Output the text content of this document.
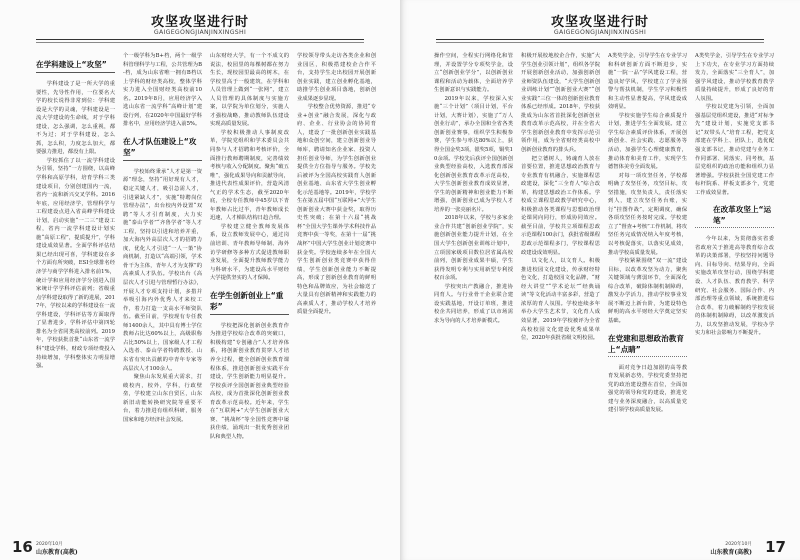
攻坚攻坚进行时
GAIGEGONGJIANJINXINGSHI
在学科建设上“攻坚”

学科建设了是一所大学的重要性，先导性作用，一位要名大学的校长说得非常到位：学科建设是大学的灵魂，学科建设是一流大学建设的生命线，对于学科建设，怎么强调，怎么重视，都不为过；对于学科建设，怎么抓，怎么积，力度怎么加大，都要强力推进，都没有上限。

学校抓住了以一流学科建设为引领，坚持“一方围绕，以高峰学科和高原学科，培育学科三类建设项目，分别创建国内一流，省内一流和新兴交叉学科。2016年底，应用经济学，管理科学与工程建设点进入省高峰学科建设计划，启动实施“一二三”建设工程，省内一流学科建设计划实施“高原工程”，提质提升”，学科建设成效显著。全面学科评估结果已经出现可喜，学科建设在多个方面有所突破，ESI全球排名经济学与商学学科进入排名前1%，统计学和应用经济学分别进入国家统计学学科评估前列；省级重点学科建设取得了新的进展，2017年，学校以来的学科建设在一流学科建设，学科评估等方面取得了显著进步，学科评估中第四轮排名为全省同类高校前列。2019年，学校获批首批“山东省一流学科”建设学科，财政专项经费投入持续增加，学科整体实力明显增强。

个一级学科为B+档，两个一级学科管理科学与工程，公共管理为B-档，成为山东省唯一拥有B档以上学科的财经类高校，整体学科实力进入全国财经类高校前10名。2019年8月，应用经济学入选山东省一流学科“高峰计划”建设行列，在2020年中国最好学科排名中，应用经济学进入前5%。

在人才队伍建设上“攻坚”

学校始终秉承“人才是第一资源”理念，坚持“用好现有人才，稳定关键人才，吸引急需人才，引进紧缺人才”，实施“特聘岗位管理办法”，出台校内外设置“双聘”等人才引育制度，大力实施“泰山学者”“齐鲁学者”等人才工程，坚持以引进和培养并重，加大海内外高层次人才的招聘力度，优化人才引进“一人一策”协商机制，打造以“高端引领，学术骨干为主体，青年人才为支撑”的高素质人才队伍。学校出台《高层次人才引进与管理暂行办法》，开展人才专项支持计划，多措并举吸引海内外优秀人才来校工作，着力打造一支高水平师资队伍。截至目前，学校现有专任教师1400余人，其中具有博士学位教师占比达60%以上，高级职称占比50%以上，国家级人才工程入选者、泰山学者特聘教授、山东省有突出贡献的中青年专家等高层次人才100余人。

聚焦山东发展重大需求，打破校内，校外，学科，行政壁垒，学校建立山东自贸区，山东新旧动能转换研究院等重要平台，着力推进有组织科研，服务国家和地方经济社会发展。

山东财经大学，有一个不成文的说法，校园里的每棵树都在努力生长，现校园里最高的树木，在学校里高于一般建筑，在学科和人员管理上做到“一张网”，建立人员管理的具体制度与实施方案，以学院为单位划分，实施人才强校战略，推动教师队伍建设实现高质量发展。

学校积极推动人事制度改革，学院党组织和学术委员会共同参与人才招聘和考核评价，全面推行教师聘期制度，完善绩效考核与收入分配制度。聚焦“破五唯”，强化成果导向和贡献导向，推进代表性成果评价，营造风清气正的学术生态，截至2020年底，全校专任教师中45岁以下青年教师占比过半，青年教师成长迅速，人才梯队结构日趋合理。

学校建立健全教师发展体系，设立教师发展中心，通过岗前培训、青年教师导师制、海外访学研修等多种方式促进教师职业发展，全面提升教师教学能力与科研水平，为建设高水平财经大学提供坚实的人才保障。

在学生创新创业上“重彩”

学校把深化创新创业教育作为推进学校综合改革的突破口，积极构建“专创融合”人才培养体系，将创新创业教育贯穿人才培养全过程，健全创新创业教育课程体系，推进创新创业实践平台建设，学生创新能力明显提升。学校获评全国创新创业典型经验高校，成为首批深化创新创业教育改革示范高校。近年来，学生在“互联网+”大学生创新创业大赛、“挑战杯”等全国性竞赛中屡获佳绩，涌现出一批优秀创业团队和典型人物。

学校领导带头走访各类企业和创业园区，积极搭建校企合作平台，支持学生走出校园开展创新创业实践，建立创业孵化基地，助推学生创业项目落地，创新创业成果逐步显现。

学校整合优势资源，推进“专业+创业”融合发展，深化与政府、企业、行业协会的协同育人，建设了一批创新创业实践基地和众创空间，建立创新创业导师库，聘请知名企业家、投资人担任创业导师，为学生创新创业提供全方位指导与服务。学校先后被评为全国高校实践育人创新创业基地、山东省大学生创业孵化示范基地等。2019年，学校学生在第五届中国“互联网+”大学生创新创业大赛中获金奖，取得历史性突破；在第十六届“挑战杯”全国大学生课外学术科技作品竞赛中获一等奖，在第十一届“挑战杯”中国大学生创业计划竞赛中获金奖。学校连续多年在全国大学生创新创业类竞赛中获得佳绩，学生创新创业能力不断提高，形成了创新创业教育的鲜明特色和品牌效应，为社会输送了大量具有创新精神和实践能力的高素质人才，推动学校人才培养质量全面提升。

16 2020年10月
山东教育(高教)
攻坚攻坚进行时
GAIGEGONGJIANJINXINGSHI

操作空间，全程实行网络化和管理，并设置学分专项奖学金，设立“创新创业学分”，以创新创业课程和活动为载体，全面培养学生创新意识与实践能力。

2019年以来，学校深入实施“三个计划”（项目计划，平台计划，大赛计划），实施了“万人创业行动”，承办全国和全省各类创新创业赛事，组织学生积极参赛，学生参与率达80%以上，获得全国金奖3项，银奖5项，铜奖10余项。学校先后获评全国创新创业典型经验高校，入选教育部深化创新创业教育改革示范高校，大学生创新创业教育成效显著，学生的创新精神和创业能力不断增强，创新创业已成为学校人才培养的一张亮丽名片。

2018年以来，学校与多家企业合作共建“创新创业学院”，实施创新创业能力提升计划，在全国大学生创新创业训练计划中，立项国家级项目数位居省属高校前列，创新创业成果丰硕，学生获得发明专利与实用新型专利授权百余项。

学校突出产教融合，推进协同育人。与行业骨干企业联合建设实践基地，开设订单班，推进校企共同培养，形成了以市场需求为导向的人才培养新模式。

积极开展校地校企合作，实施“大学生创业引领计划”，组织各学院开展创新创业活动，加强创新创业师资队伍建设，“大学生创新创业训练计划”“创新创业大赛”“创业实践”三位一体的创新创业教育体系已经形成。2018年，学校获批成为山东省首批深化创新创业教育改革示范高校，并在全省大学生创新创业教育中发挥示范引领作用，成为全省财经类高校中创新创业教育的排头兵。

把立德树人，铸魂育人放在首要位置，推进思想政治教育与专业教育有机融合，实施课程思政建设，深化“三全育人”综合改革，构建思想政治工作体系。学校成立课程思政教学研究中心，积极推动各类课程与思想政治理论课同向同行，形成协同效应。截至目前，学校共立项课程思政示范课程100余门，获批省级课程思政示范课程多门，学校课程思政建设成效明显。

以文化人，以文育人。积极推进校园文化建设，传承财经特色文化，打造校园文化品牌，“财经大讲堂”“学术论坛”“经典诵读”等文化活动丰富多彩，营造了浓厚的育人氛围。学校连续多年举办大学生艺术节，文化育人成效显著，2019年学校被评为全省高校校园文化建设优秀成果单位，2020年获批省级文明校园。

A类奖学金，引导学生在专业学习和科研创新方面不断进步，实施“一院一品”学风建设工程，营造良好学风，学校建立了学业预警与帮扶机制，学生学习积极性和主动性显著提高，学风建设成效明显。

学校实施学生综合素质提升计划，推进学生全面发展。建立学生综合素质评价体系，开展创新创业、社会实践、志愿服务等活动，加强学生心理健康教育，推动体育和美育工作，实现学生德智体美劳全面发展。

对每一项攻坚任务，学校都明确了攻坚任务，攻坚目标，攻坚措施，攻坚负责人，责任落实到人，建立攻坚任务台账，实行“挂图作战”，定期调度，确保各项攻坚任务按时完成。学校建立了“督查+考核”工作机制，将攻坚任务完成情况纳入年度考核，以考核促落实，以落实见成效，推动学校高质量发展。

学校紧紧围绕“双一流”建设目标，以改革攻坚为动力，聚焦关键领域与薄弱环节，全面深化综合改革，破除体制机制障碍，激发办学活力，推动学校事业发展不断迈上新台阶，为建设特色鲜明的高水平财经大学奠定坚实基础。

在党建和思想政治教育上“点睛”

面对竞争日趋加剧的高等教育发展新态势，学校党委坚持把党的政治建设摆在首位，全面加强党的领导和党的建设，推进党建与业务深度融合，以高质量党建引领学校高质量发展。

A类奖学金，引导学生在专业学习上下功夫，在专业学习方面持续发力，全面落实“三全育人”，加强学风建设，推动学校教育教学质量持续提升，形成了良好的育人氛围。

学校以党建为引领，全面加强基层党组织建设，推进“对标争先”建设计划，实施党支部书记“双带头人”培育工程，把党支部建在学科上、团队上，选优配强支部书记，推动党建与业务工作同部署、同落实、同考核，基层党组织的政治功能和组织力显著增强。学校获批全国党建工作标杆院系、样板支部多个，党建工作成效显著。

在改革攻坚上“运笔”

今年以来，为贯彻落实省委省政府关于推进高等教育综合改革的决策部署，学校坚持问题导向、目标导向、结果导向，全面实施改革攻坚行动，围绕学科建设、人才队伍、教育教学、科学研究、社会服务、国际合作、内部治理等重点领域，系统推进综合改革，着力破解制约学校发展的体制机制障碍，以改革激发活力，以攻坚推动发展，学校办学实力和社会影响力不断提升。

2020年10月
山东教育(高教) 17
